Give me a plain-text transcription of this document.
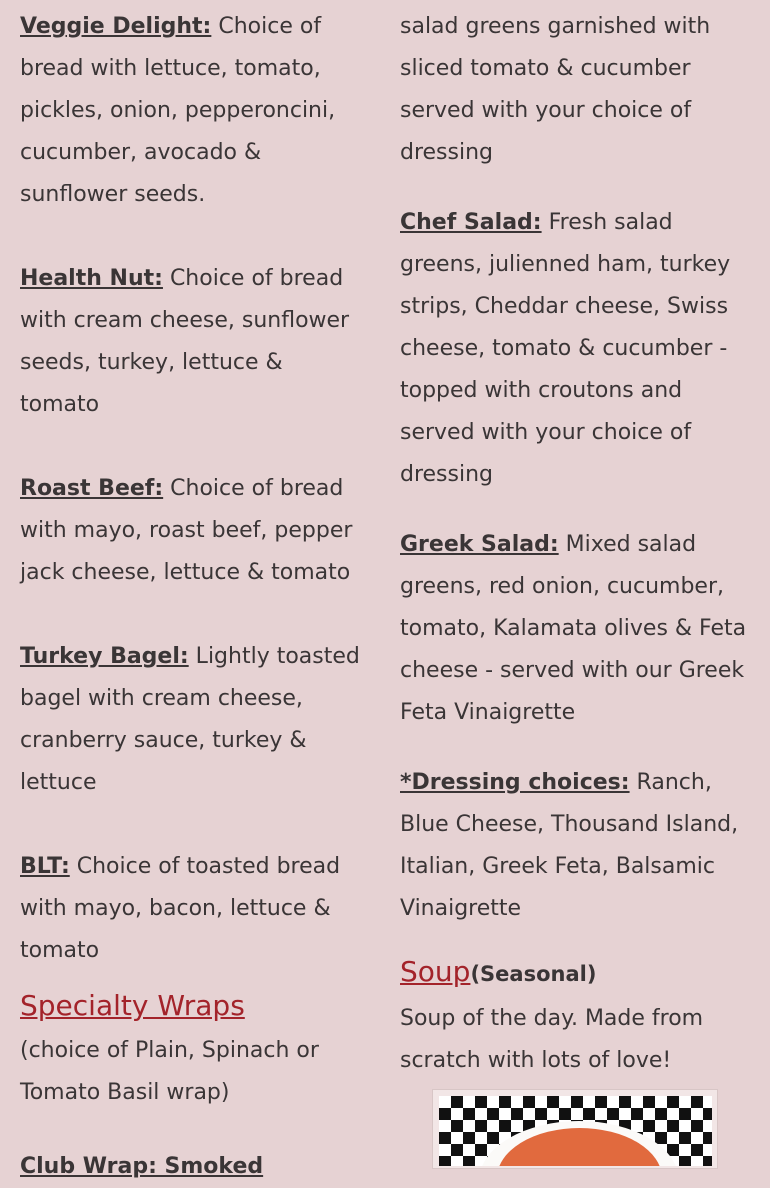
Veggie Delight: Choice of bread with lettuce, tomato, pickles, onion, pepperoncini, cucumber, avocado & sunflower seeds.

Health Nut: Choice of bread with cream cheese, sunflower seeds, turkey, lettuce & tomato

Roast Beef: Choice of bread with mayo, roast beef, pepper jack cheese, lettuce & tomato

Turkey Bagel: Lightly toasted bagel with cream cheese, cranberry sauce, turkey & lettuce

BLT: Choice of toasted bread with mayo, bacon, lettuce & tomato

Specialty Wraps

(choice of Plain, Spinach or Tomato Basil wrap)

Club Wrap: Smoked

salad greens garnished with sliced tomato & cucumber served with your choice of dressing

Chef Salad: Fresh salad greens, julienned ham, turkey strips, Cheddar cheese, Swiss cheese, tomato & cucumber - topped with croutons and served with your choice of dressing

Greek Salad: Mixed salad greens, red onion, cucumber, tomato, Kalamata olives & Feta cheese - served with our Greek Feta Vinaigrette

*Dressing choices: Ranch, Blue Cheese, Thousand Island, Italian, Greek Feta, Balsamic Vinaigrette

Soup(Seasonal)

Soup of the day. Made from scratch with lots of love!
